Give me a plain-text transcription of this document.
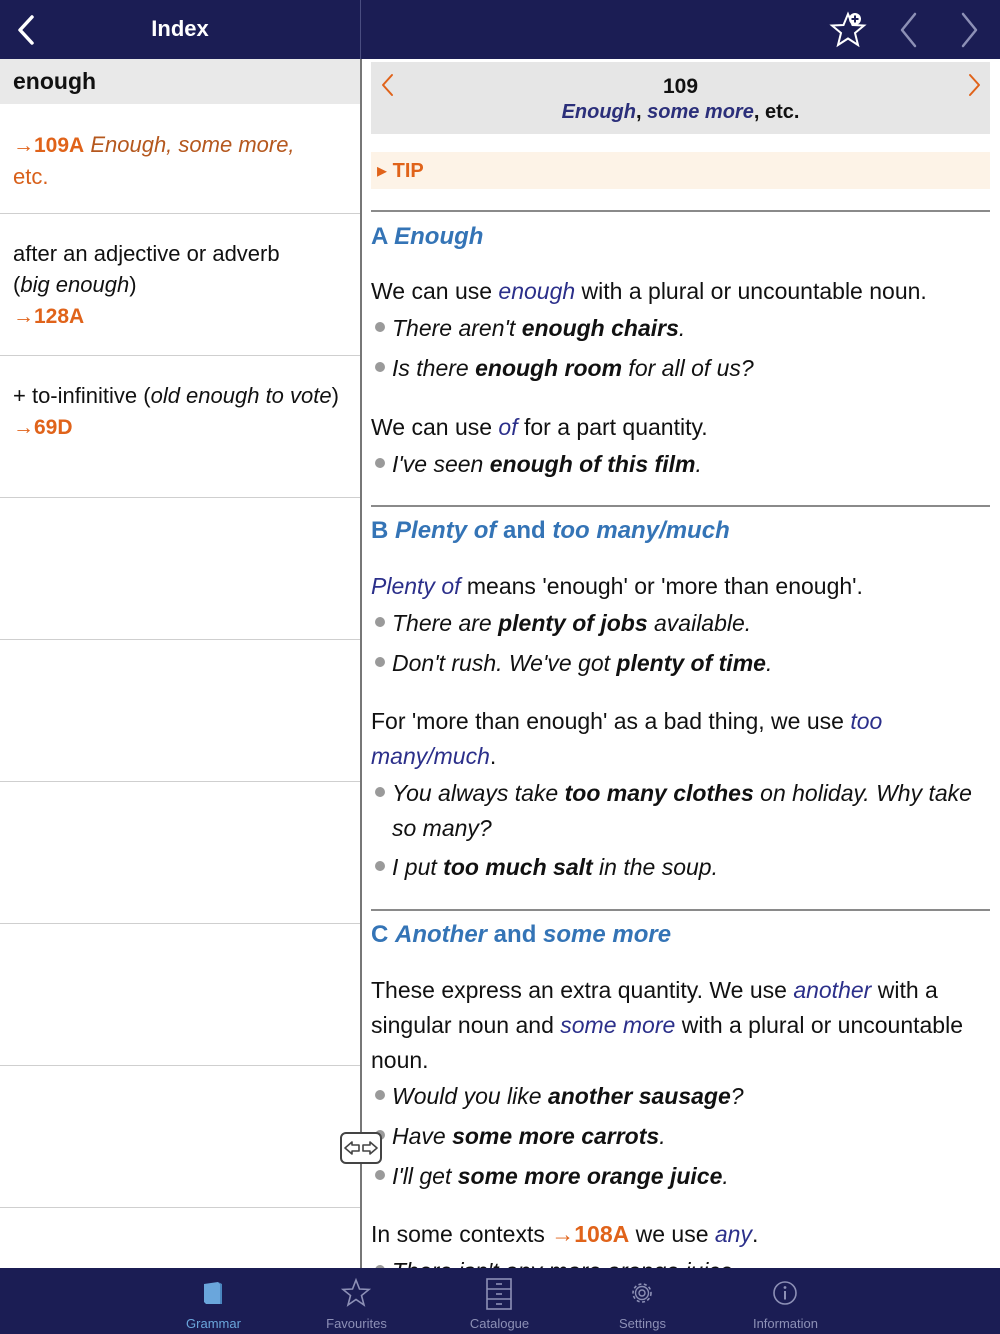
Index
enough
→109A Enough, some more,
etc.
after an adjective or adverb
(big enough)
→128A
+ to-infinitive (old enough to vote)
→69D
109
Enough, some more, etc.
▸ TIP
A Enough
We can use enough with a plural or uncountable noun.
There aren't enough chairs.
Is there enough room for all of us?
We can use of for a part quantity.
I've seen enough of this film.
B Plenty of and too many/much
Plenty of means 'enough' or 'more than enough'.
There are plenty of jobs available.
Don't rush. We've got plenty of time.
For 'more than enough' as a bad thing, we use too many/much.
You always take too many clothes on holiday. Why take so many?
I put too much salt in the soup.
C Another and some more
These express an extra quantity. We use another with a singular noun and some more with a plural or uncountable noun.
Would you like another sausage?
Have some more carrots.
I'll get some more orange juice.
In some contexts →108A we use any.
Grammar	Favourites	Catalogue	Settings	Information
